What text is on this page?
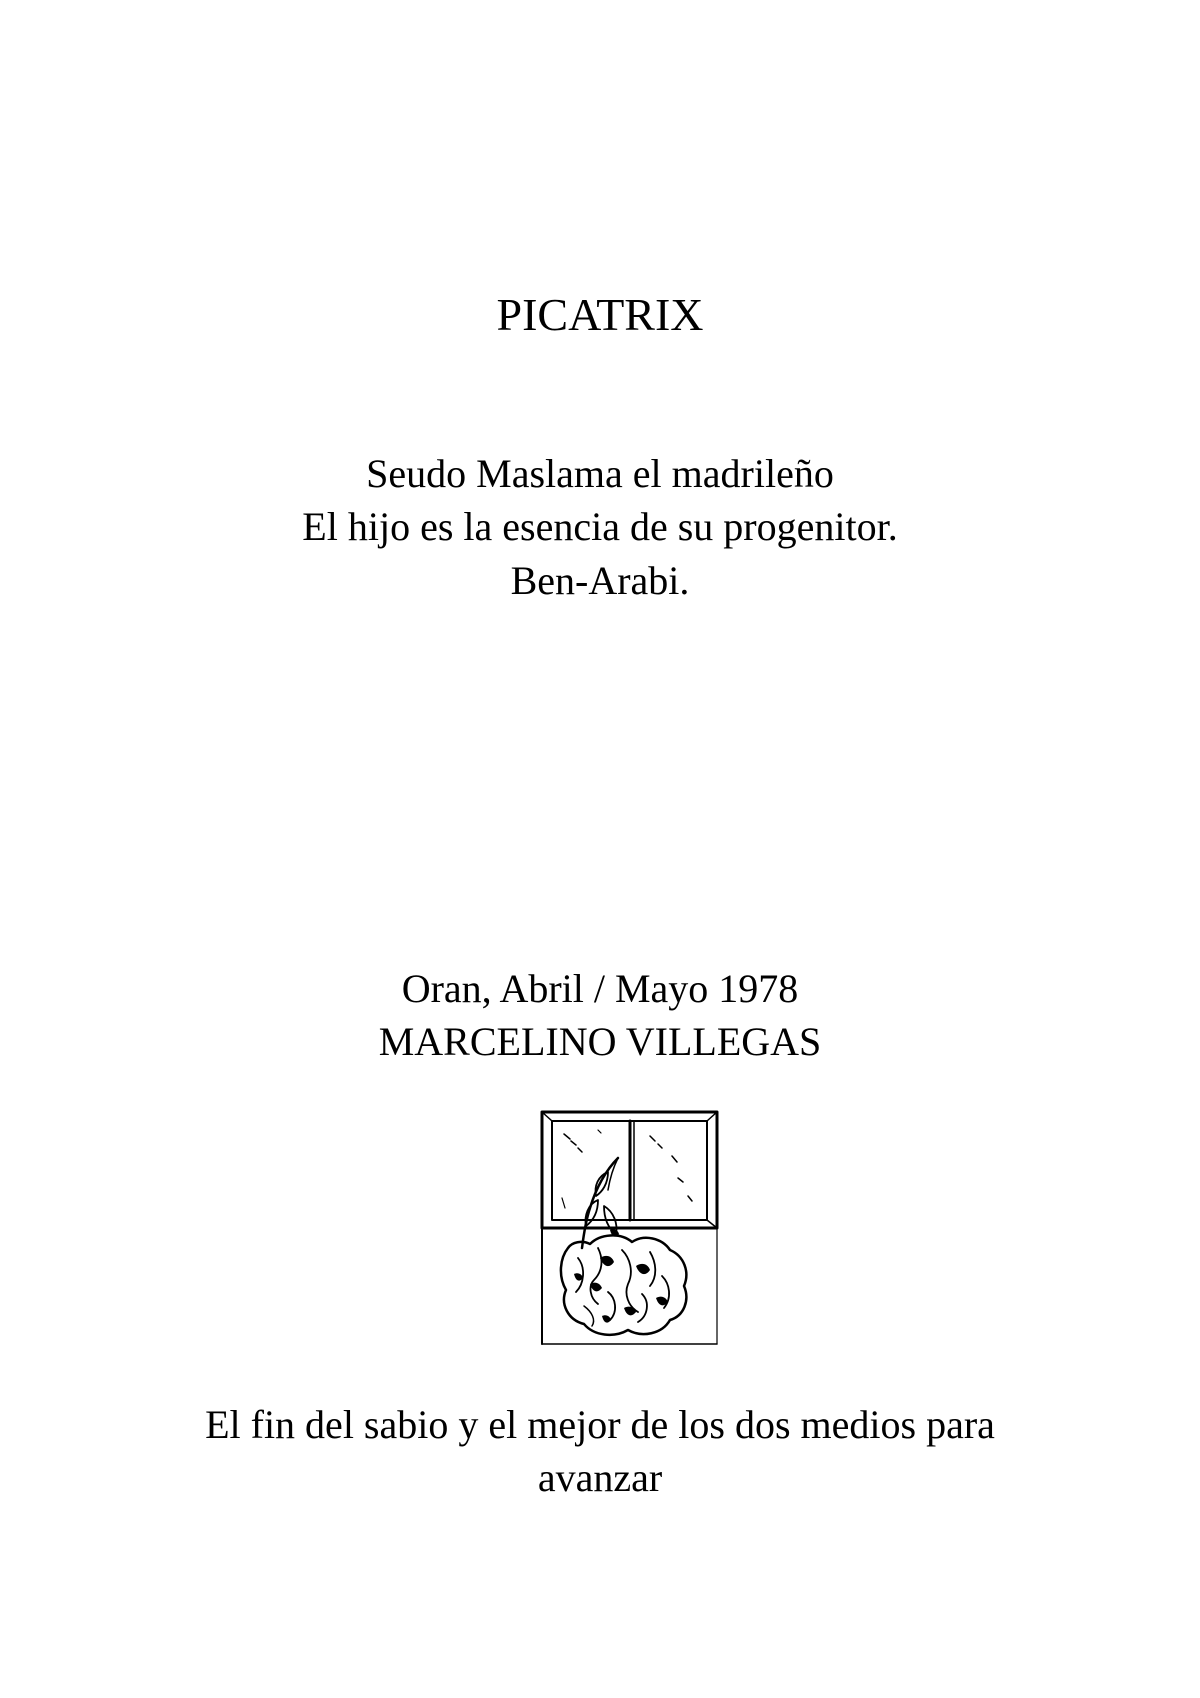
PICATRIX
Seudo Maslama el madrileño
El hijo es la esencia de su progenitor.
Ben-Arabi.
Oran, Abril / Mayo 1978
MARCELINO VILLEGAS
El fin del sabio y el mejor de los dos medios para
avanzar
